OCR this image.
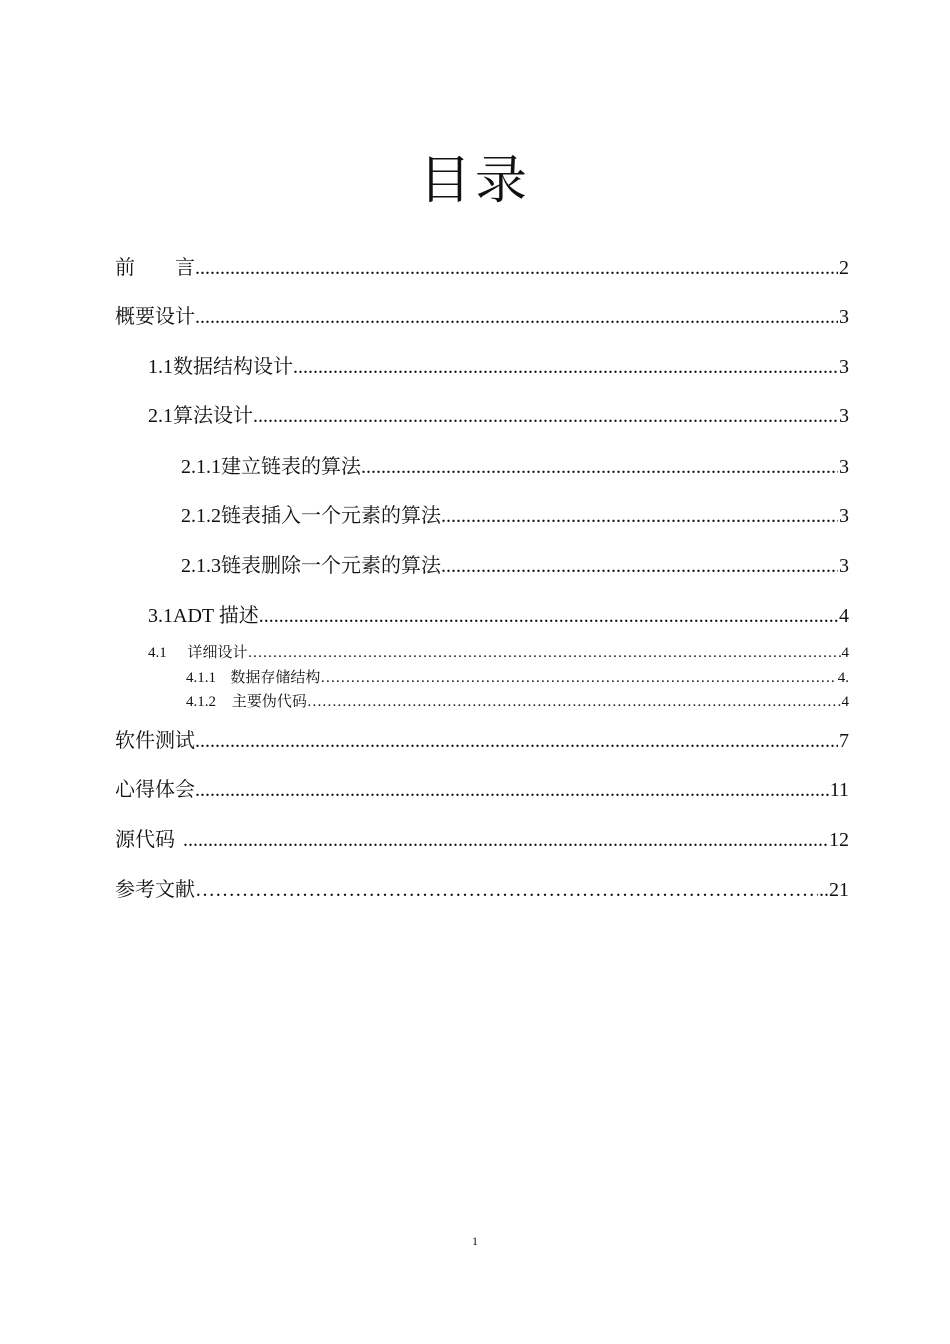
目录
前　　言 .....	2
概要设计 .....	3
1.1 数据结构设计 .....	3
2.1 算法设计 .....	3
2.1.1 建立链表的算法 .....	3
2.1.2 链表插入一个元素的算法 .....	3
2.1.3 链表删除一个元素的算法 .....	3
3.1 ADT 描述 .....	4
4.1	详细设计 …………………………………………………………………………………………………………………………………………	4
4.1.1 数据存储结构 …………………………………………………………………………………………………………………………………………	4.
4.1.2	主要伪代码 …………………………………………………………………………………………………………………………………………	4
软件测试 .....	7
心得体会 .....	11
源代码 .....	12
参考文献 …………………………………………………………………………………………………………………………………………	..21
1
